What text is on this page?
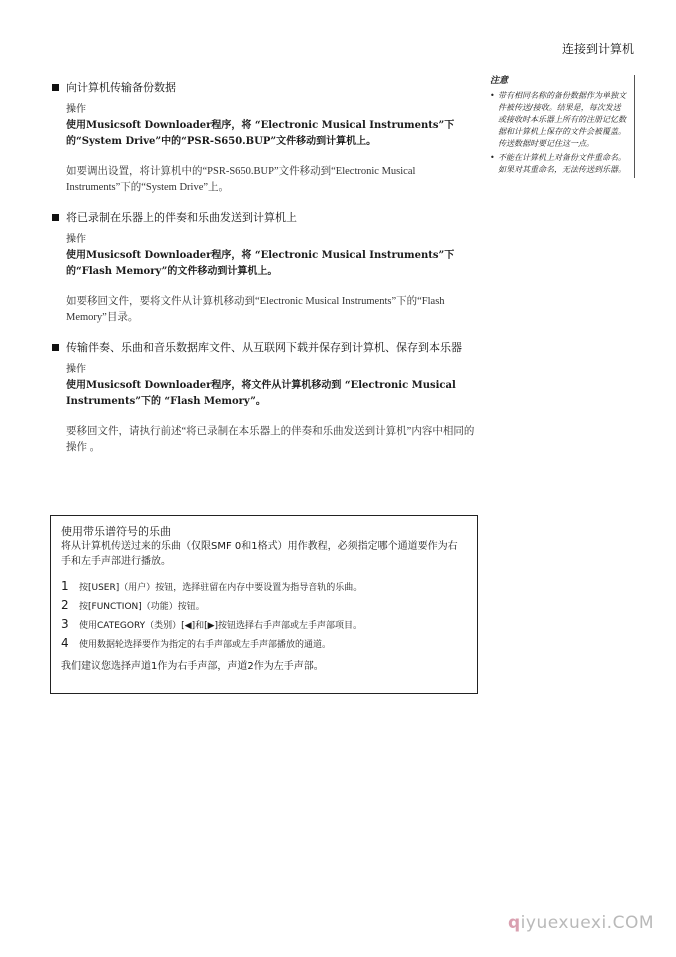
连接到计算机
向计算机传输备份数据
操作
使用Musicsoft Downloader程序，将 “Electronic Musical Instruments”下的“System Drive”中的“PSR-S650.BUP”文件移动到计算机上。
如要调出设置，将计算机中的“PSR-S650.BUP”文件移动到“Electronic Musical Instruments”下的“System Drive”上。
将已录制在乐器上的伴奏和乐曲发送到计算机上
操作
使用Musicsoft Downloader程序，将 “Electronic Musical Instruments”下的“Flash Memory”的文件移动到计算机上。
如要移回文件，要将文件从计算机移动到“Electronic Musical Instruments”下的“Flash Memory”目录。
传输伴奏、乐曲和音乐数据库文件、从互联网下载并保存到计算机、保存到本乐器
操作
使用Musicsoft Downloader程序，将文件从计算机移动到 “Electronic Musical Instruments”下的 “Flash Memory”。
要移回文件，请执行前述“将已录制在本乐器上的伴奏和乐曲发送到计算机”内容中相同的操作 。
使用带乐谱符号的乐曲
将从计算机传送过来的乐曲（仅限SMF 0和1格式）用作教程，必须指定哪个通道要作为右手和左手声部进行播放。
1	按[USER]（用户）按钮，选择驻留在内存中要设置为指导音轨的乐曲。
2	按[FUNCTION]（功能）按钮。
3	使用CATEGORY（类别）[◀]和[▶]按钮选择右手声部或左手声部项目。
4	使用数据轮选择要作为指定的右手声部或左手声部播放的通道。
我们建议您选择声道1作为右手声部，声道2作为左手声部。
注意
• 带有相同名称的备份数据作为单独文件被传送/接收。结果是，每次发送或接收时本乐器上所有的注册记忆数据和计算机上保存的文件会被覆盖。传送数据时要记住这一点。
• 不能在计算机上对备份文件重命名。如果对其重命名，无法传送到乐器。
qiyuexuexi.COM
